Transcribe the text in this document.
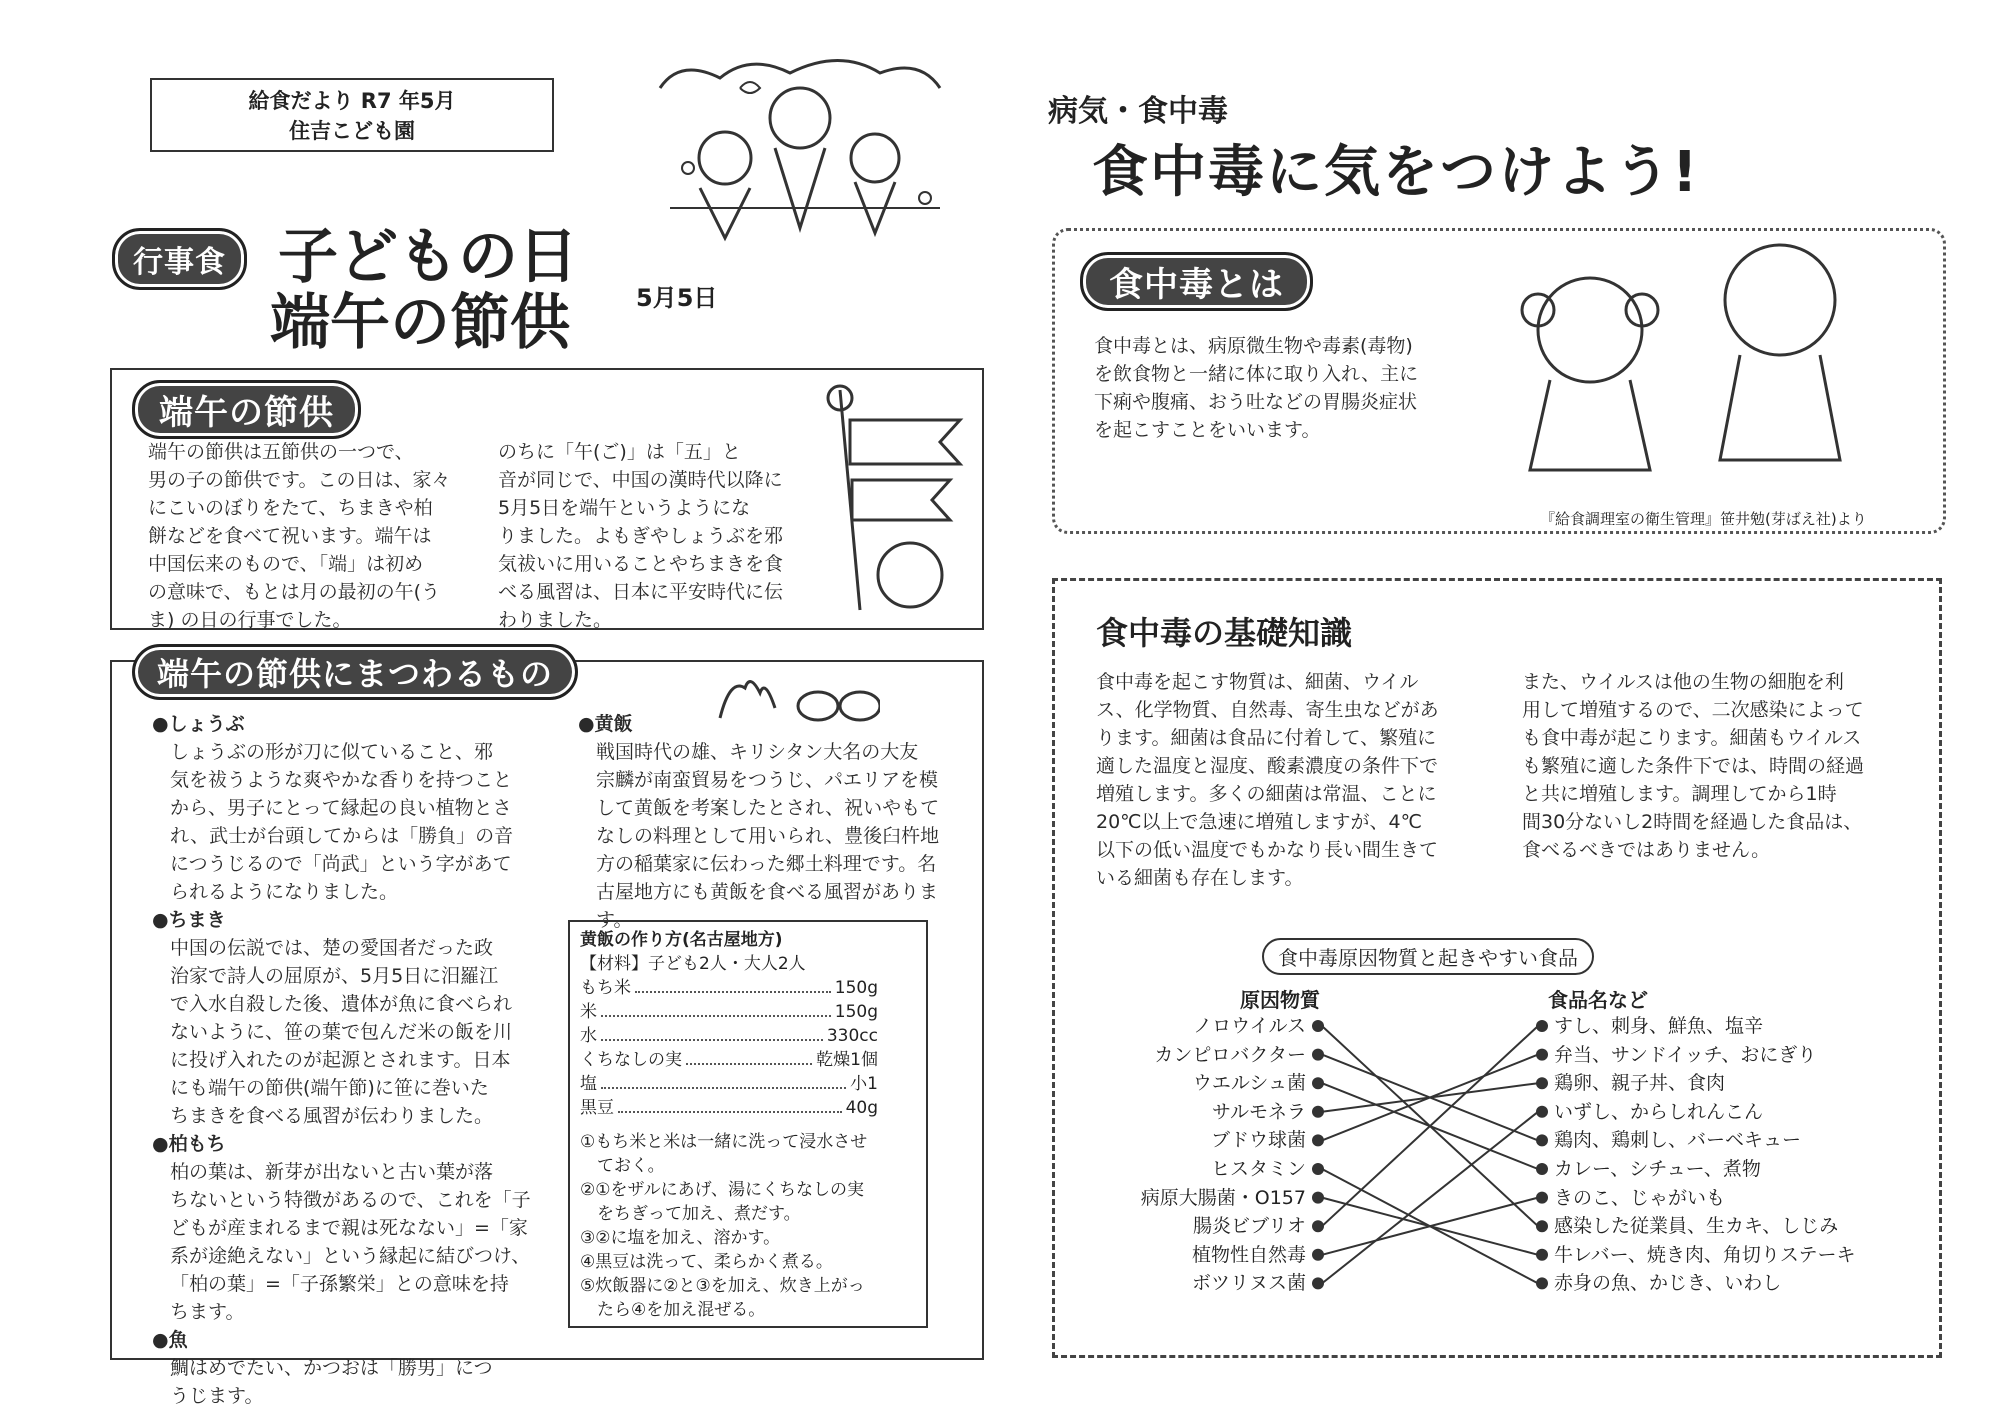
給食だより R7 年5月
住吉こども園
行事食 子どもの日
端午の節供	5月5日
端午の節供
端午の節供は五節供の一つで、
男の子の節供です。この日は、家々
にこいのぼりをたて、ちまきや柏
餅などを食べて祝います。端午は
中国伝来のもので、「端」は初め
の意味で、もとは月の最初の午(う
ま) の日の行事でした。
のちに「午(ご)」は「五」と
音が同じで、中国の漢時代以降に
5月5日を端午というようにな
りました。よもぎやしょうぶを邪
気祓いに用いることやちまきを食
べる風習は、日本に平安時代に伝
わりました。
端午の節供にまつわるもの
●しょうぶ
しょうぶの形が刀に似ていること、邪
気を祓うような爽やかな香りを持つこと
から、男子にとって縁起の良い植物とさ
れ、武士が台頭してからは「勝負」の音
につうじるので「尚武」という字があて
られるようになりました。
●ちまき
中国の伝説では、楚の愛国者だった政
治家で詩人の屈原が、5月5日に汨羅江
で入水自殺した後、遺体が魚に食べられ
ないように、笹の葉で包んだ米の飯を川
に投げ入れたのが起源とされます。日本
にも端午の節供(端午節)に笹に巻いた
ちまきを食べる風習が伝わりました。
●柏もち
柏の葉は、新芽が出ないと古い葉が落
ちないという特徴があるので、これを「子
どもが産まれるまで親は死なない」=「家
系が途絶えない」という縁起に結びつけ、
「柏の葉」=「子孫繁栄」との意味を持
ちます。
●魚
鯛はめでたい、かつおは「勝男」につ
うじます。
●黄飯
戦国時代の雄、キリシタン大名の大友
宗麟が南蛮貿易をつうじ、パエリアを模
して黄飯を考案したとされ、祝いやもて
なしの料理として用いられ、豊後臼杵地
方の稲葉家に伝わった郷土料理です。名
古屋地方にも黄飯を食べる風習がありま
す。
黄飯の作り方(名古屋地方)
【材料】子ども2人・大人2人
もち米	150g
米	150g
水	330cc
くちなしの実	乾燥1個
塩	小1
黒豆	40g
①もち米と米は一緒に洗って浸水させ
　ておく。
②①をザルにあげ、湯にくちなしの実
　をちぎって加え、煮だす。
③②に塩を加え、溶かす。
④黒豆は洗って、柔らかく煮る。
⑤炊飯器に②と③を加え、炊き上がっ
　たら④を加え混ぜる。
病気・食中毒
食中毒に気をつけよう!
食中毒とは
食中毒とは、病原微生物や毒素(毒物)
を飲食物と一緒に体に取り入れ、主に
下痢や腹痛、おう吐などの胃腸炎症状
を起こすことをいいます。
『給食調理室の衛生管理』笹井勉(芽ばえ社)より
食中毒の基礎知識
食中毒を起こす物質は、細菌、ウイル
ス、化学物質、自然毒、寄生虫などがあ
ります。細菌は食品に付着して、繁殖に
適した温度と湿度、酸素濃度の条件下で
増殖します。多くの細菌は常温、ことに
20℃以上で急速に増殖しますが、4℃
以下の低い温度でもかなり長い間生きて
いる細菌も存在します。
また、ウイルスは他の生物の細胞を利
用して増殖するので、二次感染によって
も食中毒が起こります。細菌もウイルス
も繁殖に適した条件下では、時間の経過
と共に増殖します。調理してから1時
間30分ないし2時間を経過した食品は、
食べるべきではありません。
食中毒原因物質と起きやすい食品
原因物質	食品名など
ノロウイルス
カンピロバクター
ウエルシュ菌
サルモネラ
ブドウ球菌
ヒスタミン
病原大腸菌・O157
腸炎ビブリオ
植物性自然毒
ボツリヌス菌
すし、刺身、鮮魚、塩辛
弁当、サンドイッチ、おにぎり
鶏卵、親子丼、食肉
いずし、からしれんこん
鶏肉、鶏刺し、バーベキュー
カレー、シチュー、煮物
きのこ、じゃがいも
感染した従業員、生カキ、しじみ
牛レバー、焼き肉、角切りステーキ
赤身の魚、かじき、いわし
